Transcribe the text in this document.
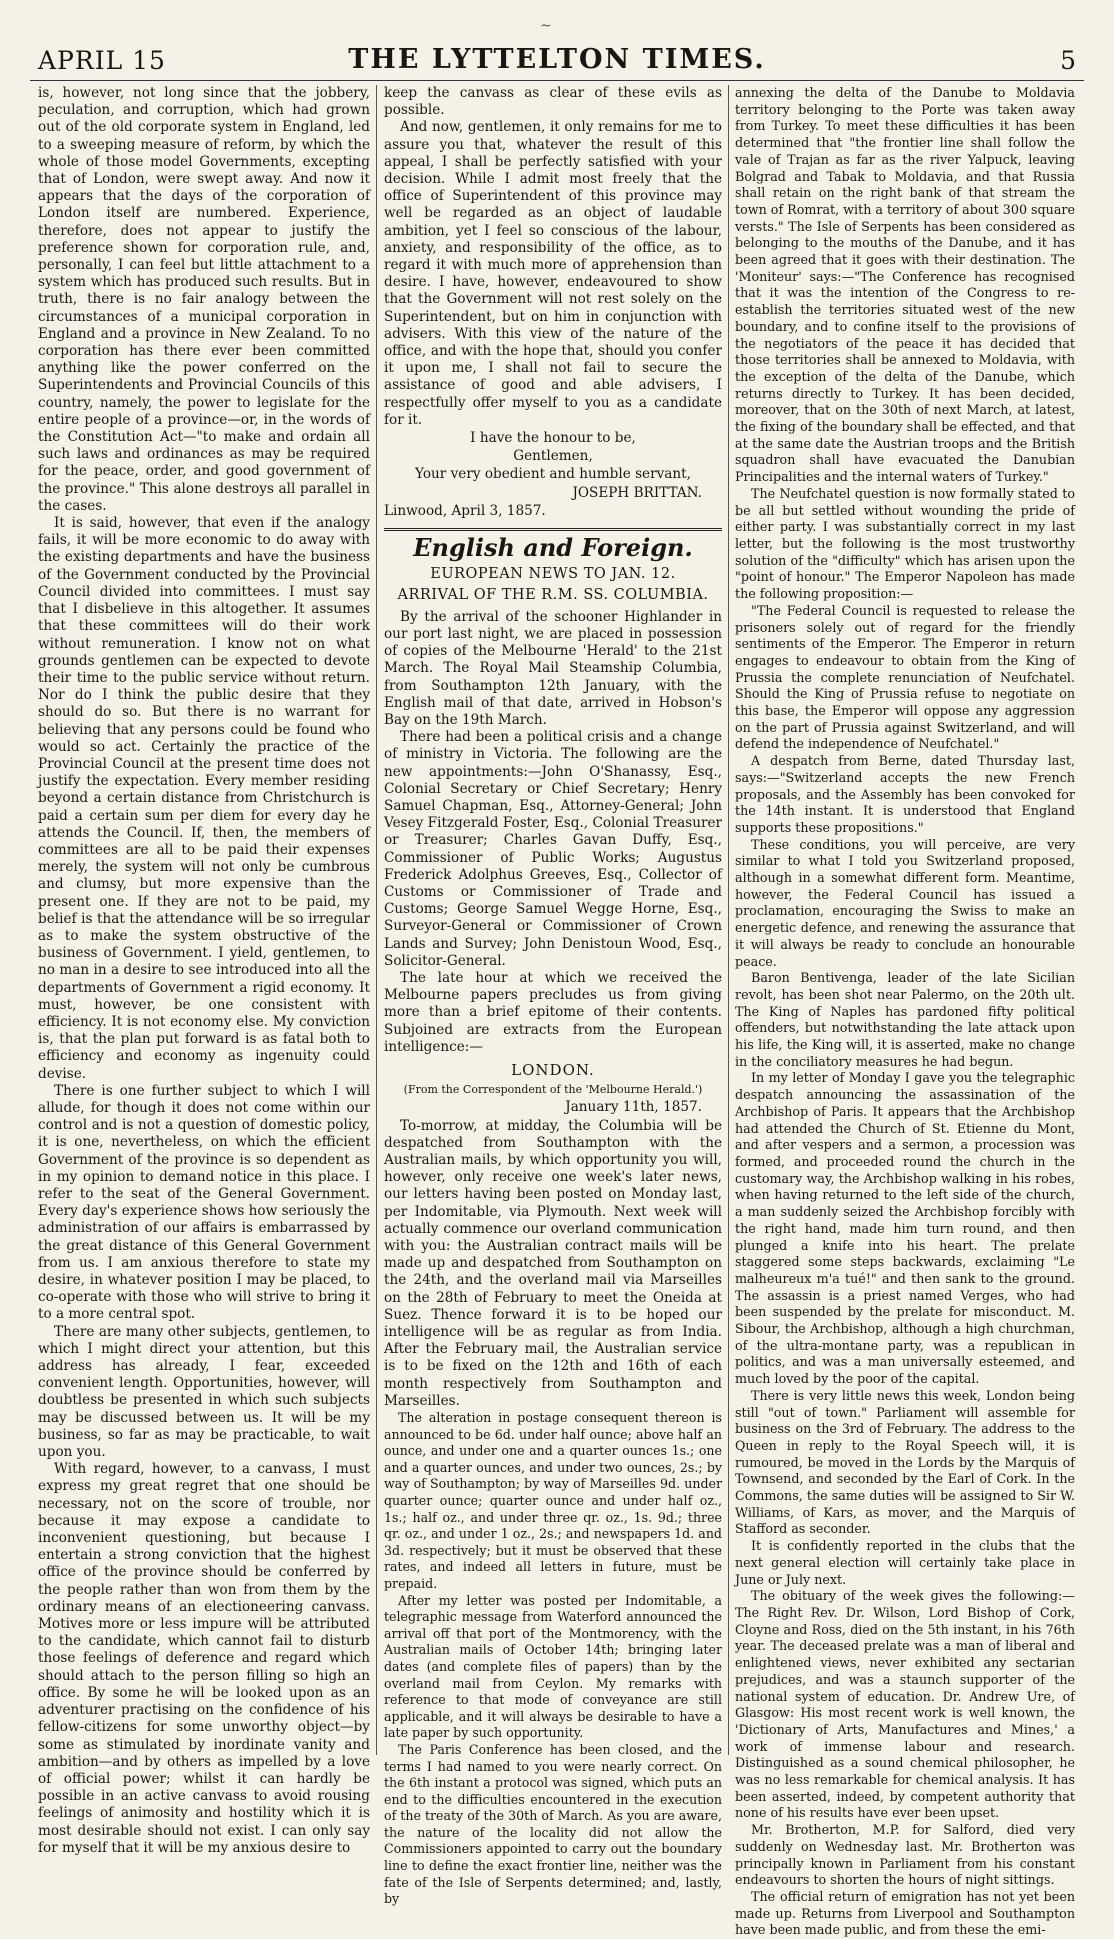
~
APRIL 15	THE LYTTELTON TIMES.	5

is, however, not long since that the jobbery, peculation, and corruption, which had grown out of the old corporate system in England, led to a sweeping measure of reform, by which the whole of those model Governments, excepting that of London, were swept away. And now it appears that the days of the corporation of London itself are numbered. Experience, therefore, does not appear to justify the preference shown for corporation rule, and, personally, I can feel but little attachment to a system which has produced such results. But in truth, there is no fair analogy between the circumstances of a municipal corporation in England and a province in New Zealand. To no corporation has there ever been committed anything like the power conferred on the Superintendents and Provincial Councils of this country, namely, the power to legislate for the entire people of a province—or, in the words of the Constitution Act—"to make and ordain all such laws and ordinances as may be required for the peace, order, and good government of the province." This alone destroys all parallel in the cases.

It is said, however, that even if the analogy fails, it will be more economic to do away with the existing departments and have the business of the Government conducted by the Provincial Council divided into committees. I must say that I disbelieve in this altogether. It assumes that these committees will do their work without remuneration. I know not on what grounds gentlemen can be expected to devote their time to the public service without return. Nor do I think the public desire that they should do so. But there is no warrant for believing that any persons could be found who would so act. Certainly the practice of the Provincial Council at the present time does not justify the expectation. Every member residing beyond a certain distance from Christchurch is paid a certain sum per diem for every day he attends the Council. If, then, the members of committees are all to be paid their expenses merely, the system will not only be cumbrous and clumsy, but more expensive than the present one. If they are not to be paid, my belief is that the attendance will be so irregular as to make the system obstructive of the business of Government. I yield, gentlemen, to no man in a desire to see introduced into all the departments of Government a rigid economy. It must, however, be one consistent with efficiency. It is not economy else. My conviction is, that the plan put forward is as fatal both to efficiency and economy as ingenuity could devise.

There is one further subject to which I will allude, for though it does not come within our control and is not a question of domestic policy, it is one, nevertheless, on which the efficient Government of the province is so dependent as in my opinion to demand notice in this place. I refer to the seat of the General Government. Every day's experience shows how seriously the administration of our affairs is embarrassed by the great distance of this General Government from us. I am anxious therefore to state my desire, in whatever position I may be placed, to co-operate with those who will strive to bring it to a more central spot.

There are many other subjects, gentlemen, to which I might direct your attention, but this address has already, I fear, exceeded convenient length. Opportunities, however, will doubtless be presented in which such subjects may be discussed between us. It will be my business, so far as may be practicable, to wait upon you.

With regard, however, to a canvass, I must express my great regret that one should be necessary, not on the score of trouble, nor because it may expose a candidate to inconvenient questioning, but because I entertain a strong conviction that the highest office of the province should be conferred by the people rather than won from them by the ordinary means of an electioneering canvass. Motives more or less impure will be attributed to the candidate, which cannot fail to disturb those feelings of deference and regard which should attach to the person filling so high an office. By some he will be looked upon as an adventurer practising on the confidence of his fellow-citizens for some unworthy object—by some as stimulated by inordinate vanity and ambition—and by others as impelled by a love of official power; whilst it can hardly be possible in an active canvass to avoid rousing feelings of animosity and hostility which it is most desirable should not exist. I can only say for myself that it will be my anxious desire to

keep the canvass as clear of these evils as possible.

And now, gentlemen, it only remains for me to assure you that, whatever the result of this appeal, I shall be perfectly satisfied with your decision. While I admit most freely that the office of Superintendent of this province may well be regarded as an object of laudable ambition, yet I feel so conscious of the labour, anxiety, and responsibility of the office, as to regard it with much more of apprehension than desire. I have, however, endeavoured to show that the Government will not rest solely on the Superintendent, but on him in conjunction with advisers. With this view of the nature of the office, and with the hope that, should you confer it upon me, I shall not fail to secure the assistance of good and able advisers, I respectfully offer myself to you as a candidate for it.

I have the honour to be,
Gentlemen,
Your very obedient and humble servant,
JOSEPH BRITTAN.
Linwood, April 3, 1857.
English and Foreign.
EUROPEAN NEWS TO JAN. 12.
ARRIVAL OF THE R.M. SS. COLUMBIA.

By the arrival of the schooner Highlander in our port last night, we are placed in possession of copies of the Melbourne 'Herald' to the 21st March. The Royal Mail Steamship Columbia, from Southampton 12th January, with the English mail of that date, arrived in Hobson's Bay on the 19th March.

There had been a political crisis and a change of ministry in Victoria. The following are the new appointments:—John O'Shanassy, Esq., Colonial Secretary or Chief Secretary; Henry Samuel Chapman, Esq., Attorney-General; John Vesey Fitzgerald Foster, Esq., Colonial Treasurer or Treasurer; Charles Gavan Duffy, Esq., Commissioner of Public Works; Augustus Frederick Adolphus Greeves, Esq., Collector of Customs or Commissioner of Trade and Customs; George Samuel Wegge Horne, Esq., Surveyor-General or Commissioner of Crown Lands and Survey; John Denistoun Wood, Esq., Solicitor-General.

The late hour at which we received the Melbourne papers precludes us from giving more than a brief epitome of their contents. Subjoined are extracts from the European intelligence:—

LONDON.
(From the Correspondent of the 'Melbourne Herald.')
January 11th, 1857.

To-morrow, at midday, the Columbia will be despatched from Southampton with the Australian mails, by which opportunity you will, however, only receive one week's later news, our letters having been posted on Monday last, per Indomitable, via Plymouth. Next week will actually commence our overland communication with you: the Australian contract mails will be made up and despatched from Southampton on the 24th, and the overland mail via Marseilles on the 28th of February to meet the Oneida at Suez. Thence forward it is to be hoped our intelligence will be as regular as from India. After the February mail, the Australian service is to be fixed on the 12th and 16th of each month respectively from Southampton and Marseilles.

The alteration in postage consequent thereon is announced to be 6d. under half ounce; above half an ounce, and under one and a quarter ounces 1s.; one and a quarter ounces, and under two ounces, 2s.; by way of Southampton; by way of Marseilles 9d. under quarter ounce; quarter ounce and under half oz., 1s.; half oz., and under three qr. oz., 1s. 9d.; three qr. oz., and under 1 oz., 2s.; and newspapers 1d. and 3d. respectively; but it must be observed that these rates, and indeed all letters in future, must be prepaid.

After my letter was posted per Indomitable, a telegraphic message from Waterford announced the arrival off that port of the Montmorency, with the Australian mails of October 14th; bringing later dates (and complete files of papers) than by the overland mail from Ceylon. My remarks with reference to that mode of conveyance are still applicable, and it will always be desirable to have a late paper by such opportunity.

The Paris Conference has been closed, and the terms I had named to you were nearly correct. On the 6th instant a protocol was signed, which puts an end to the difficulties encountered in the execution of the treaty of the 30th of March. As you are aware, the nature of the locality did not allow the Commissioners appointed to carry out the boundary line to define the exact frontier line, neither was the fate of the Isle of Serpents determined; and, lastly, by

annexing the delta of the Danube to Moldavia territory belonging to the Porte was taken away from Turkey. To meet these difficulties it has been determined that "the frontier line shall follow the vale of Trajan as far as the river Yalpuck, leaving Bolgrad and Tabak to Moldavia, and that Russia shall retain on the right bank of that stream the town of Romrat, with a territory of about 300 square versts." The Isle of Serpents has been considered as belonging to the mouths of the Danube, and it has been agreed that it goes with their destination. The 'Moniteur' says:—"The Conference has recognised that it was the intention of the Congress to re-establish the territories situated west of the new boundary, and to confine itself to the provisions of the negotiators of the peace it has decided that those territories shall be annexed to Moldavia, with the exception of the delta of the Danube, which returns directly to Turkey. It has been decided, moreover, that on the 30th of next March, at latest, the fixing of the boundary shall be effected, and that at the same date the Austrian troops and the British squadron shall have evacuated the Danubian Principalities and the internal waters of Turkey."

The Neufchatel question is now formally stated to be all but settled without wounding the pride of either party. I was substantially correct in my last letter, but the following is the most trustworthy solution of the "difficulty" which has arisen upon the "point of honour." The Emperor Napoleon has made the following proposition:—

"The Federal Council is requested to release the prisoners solely out of regard for the friendly sentiments of the Emperor. The Emperor in return engages to endeavour to obtain from the King of Prussia the complete renunciation of Neufchatel. Should the King of Prussia refuse to negotiate on this base, the Emperor will oppose any aggression on the part of Prussia against Switzerland, and will defend the independence of Neufchatel."

A despatch from Berne, dated Thursday last, says:—"Switzerland accepts the new French proposals, and the Assembly has been convoked for the 14th instant. It is understood that England supports these propositions."

These conditions, you will perceive, are very similar to what I told you Switzerland proposed, although in a somewhat different form. Meantime, however, the Federal Council has issued a proclamation, encouraging the Swiss to make an energetic defence, and renewing the assurance that it will always be ready to conclude an honourable peace.

Baron Bentivenga, leader of the late Sicilian revolt, has been shot near Palermo, on the 20th ult. The King of Naples has pardoned fifty political offenders, but notwithstanding the late attack upon his life, the King will, it is asserted, make no change in the conciliatory measures he had begun.

In my letter of Monday I gave you the telegraphic despatch announcing the assassination of the Archbishop of Paris. It appears that the Archbishop had attended the Church of St. Etienne du Mont, and after vespers and a sermon, a procession was formed, and proceeded round the church in the customary way, the Archbishop walking in his robes, when having returned to the left side of the church, a man suddenly seized the Archbishop forcibly with the right hand, made him turn round, and then plunged a knife into his heart. The prelate staggered some steps backwards, exclaiming "Le malheureux m'a tué!" and then sank to the ground. The assassin is a priest named Verges, who had been suspended by the prelate for misconduct. M. Sibour, the Archbishop, although a high churchman, of the ultra-montane party, was a republican in politics, and was a man universally esteemed, and much loved by the poor of the capital.

There is very little news this week, London being still "out of town." Parliament will assemble for business on the 3rd of February. The address to the Queen in reply to the Royal Speech will, it is rumoured, be moved in the Lords by the Marquis of Townsend, and seconded by the Earl of Cork. In the Commons, the same duties will be assigned to Sir W. Williams, of Kars, as mover, and the Marquis of Stafford as seconder.

It is confidently reported in the clubs that the next general election will certainly take place in June or July next.

The obituary of the week gives the following:—The Right Rev. Dr. Wilson, Lord Bishop of Cork, Cloyne and Ross, died on the 5th instant, in his 76th year. The deceased prelate was a man of liberal and enlightened views, never exhibited any sectarian prejudices, and was a staunch supporter of the national system of education. Dr. Andrew Ure, of Glasgow: His most recent work is well known, the 'Dictionary of Arts, Manufactures and Mines,' a work of immense labour and research. Distinguished as a sound chemical philosopher, he was no less remarkable for chemical analysis. It has been asserted, indeed, by competent authority that none of his results have ever been upset.

Mr. Brotherton, M.P. for Salford, died very suddenly on Wednesday last. Mr. Brotherton was principally known in Parliament from his constant endeavours to shorten the hours of night sittings.

The official return of emigration has not yet been made up. Returns from Liverpool and Southampton have been made public, and from these the emi-
